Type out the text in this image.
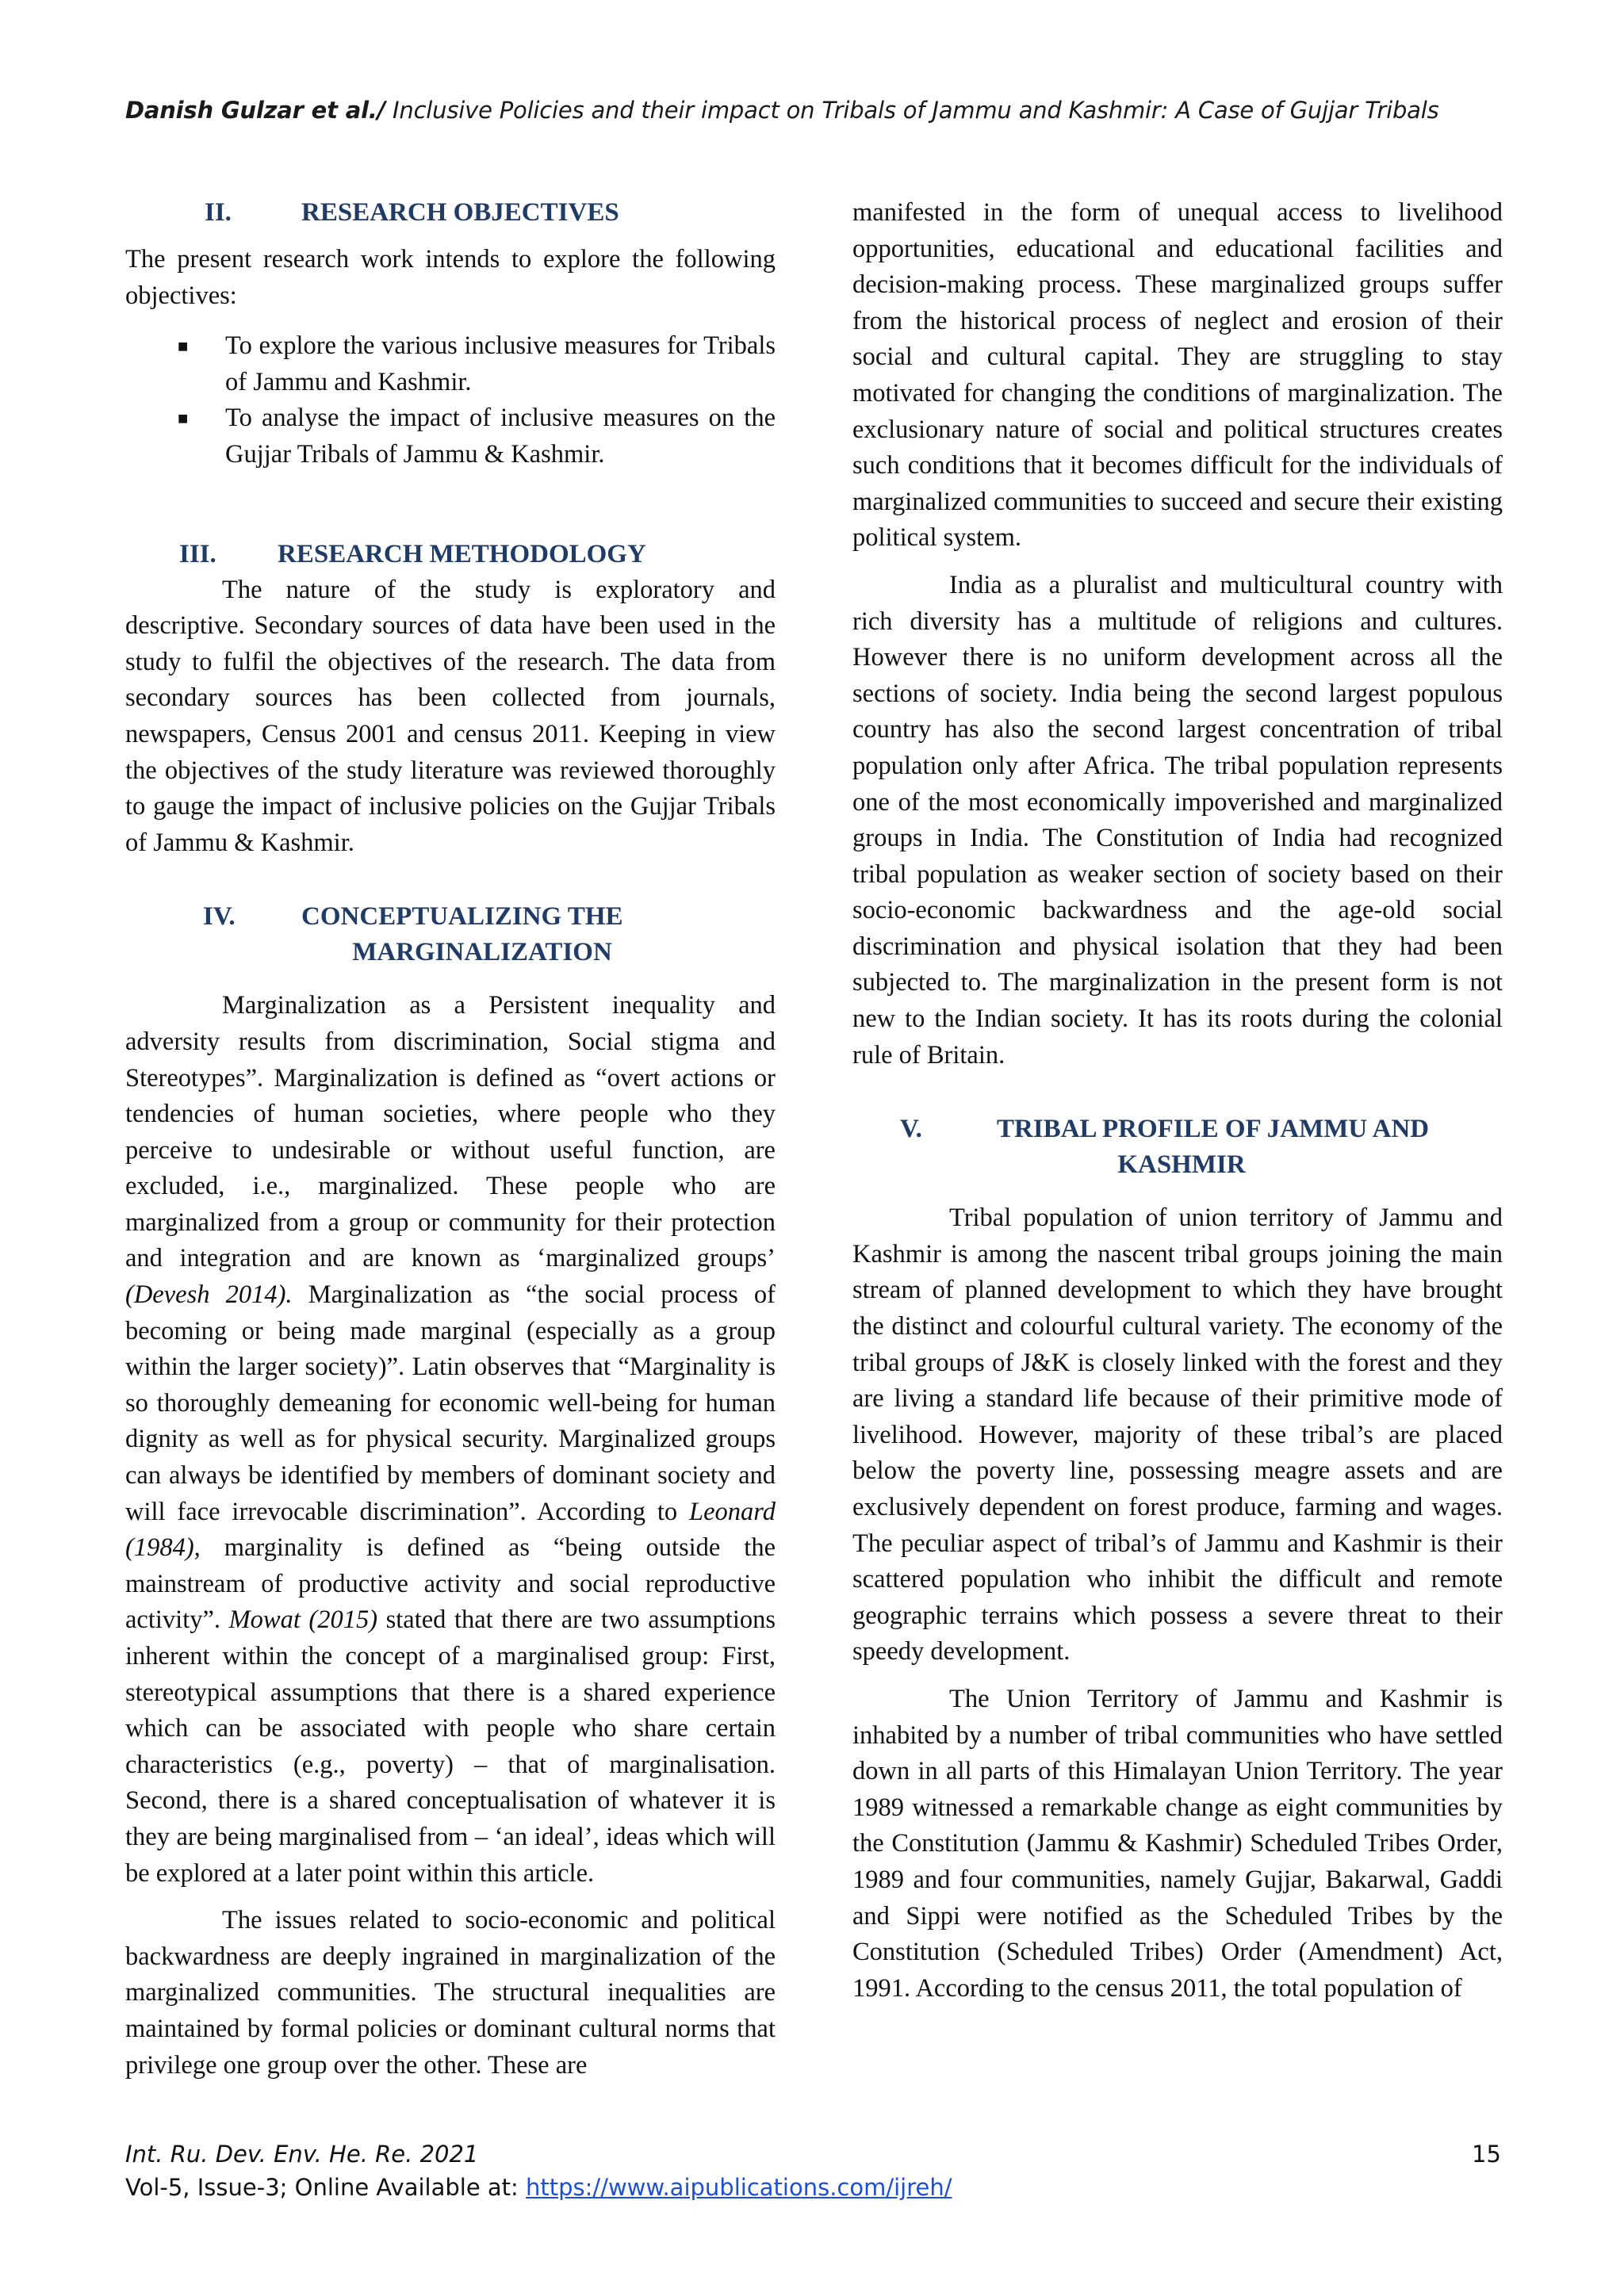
Danish Gulzar et al./ Inclusive Policies and their impact on Tribals of Jammu and Kashmir: A Case of Gujjar Tribals
II.	RESEARCH OBJECTIVES

The present research work intends to explore the following objectives:

■ To explore the various inclusive measures for Tribals of Jammu and Kashmir.
■ To analyse the impact of inclusive measures on the Gujjar Tribals of Jammu & Kashmir.
III. RESEARCH METHODOLOGY

The nature of the study is exploratory and descriptive. Secondary sources of data have been used in the study to fulfil the objectives of the research. The data from secondary sources has been collected from journals, newspapers, Census 2001 and census 2011. Keeping in view the objectives of the study literature was reviewed thoroughly to gauge the impact of inclusive policies on the Gujjar Tribals of Jammu & Kashmir.

IV.	CONCEPTUALIZING THE
MARGINALIZATION

Marginalization as a Persistent inequality and adversity results from discrimination, Social stigma and Stereotypes”. Marginalization is defined as “overt actions or tendencies of human societies, where people who they perceive to undesirable or without useful function, are excluded, i.e., marginalized. These people who are marginalized from a group or community for their protection and integration and are known as ‘marginalized groups’ (Devesh 2014). Marginalization as “the social process of becoming or being made marginal (especially as a group within the larger society)”. Latin observes that “Marginality is so thoroughly demeaning for economic well-being for human dignity as well as for physical security. Marginalized groups can always be identified by members of dominant society and will face irrevocable discrimination”. According to Leonard (1984), marginality is defined as “being outside the mainstream of productive activity and social reproductive activity”. Mowat (2015) stated that there are two assumptions inherent within the concept of a marginalised group: First, stereotypical assumptions that there is a shared experience which can be associated with people who share certain characteristics (e.g., poverty) – that of marginalisation. Second, there is a shared conceptualisation of whatever it is they are being marginalised from – ‘an ideal’, ideas which will be explored at a later point within this article.

The issues related to socio-economic and political backwardness are deeply ingrained in marginalization of the marginalized communities. The structural inequalities are maintained by formal policies or dominant cultural norms that privilege one group over the other. These are

manifested in the form of unequal access to livelihood opportunities, educational and educational facilities and decision-making process. These marginalized groups suffer from the historical process of neglect and erosion of their social and cultural capital. They are struggling to stay motivated for changing the conditions of marginalization. The exclusionary nature of social and political structures creates such conditions that it becomes difficult for the individuals of marginalized communities to succeed and secure their existing political system.

India as a pluralist and multicultural country with rich diversity has a multitude of religions and cultures. However there is no uniform development across all the sections of society. India being the second largest populous country has also the second largest concentration of tribal population only after Africa. The tribal population represents one of the most economically impoverished and marginalized groups in India. The Constitution of India had recognized tribal population as weaker section of society based on their socio-economic backwardness and the age-old social discrimination and physical isolation that they had been subjected to. The marginalization in the present form is not new to the Indian society. It has its roots during the colonial rule of Britain.

V.	TRIBAL PROFILE OF JAMMU AND
KASHMIR

Tribal population of union territory of Jammu and Kashmir is among the nascent tribal groups joining the main stream of planned development to which they have brought the distinct and colourful cultural variety. The economy of the tribal groups of J&K is closely linked with the forest and they are living a standard life because of their primitive mode of livelihood. However, majority of these tribal’s are placed below the poverty line, possessing meagre assets and are exclusively dependent on forest produce, farming and wages. The peculiar aspect of tribal’s of Jammu and Kashmir is their scattered population who inhibit the difficult and remote geographic terrains which possess a severe threat to their speedy development.

The Union Territory of Jammu and Kashmir is inhabited by a number of tribal communities who have settled down in all parts of this Himalayan Union Territory. The year 1989 witnessed a remarkable change as eight communities by the Constitution (Jammu & Kashmir) Scheduled Tribes Order, 1989 and four communities, namely Gujjar, Bakarwal, Gaddi and Sippi were notified as the Scheduled Tribes by the Constitution (Scheduled Tribes) Order (Amendment) Act, 1991. According to the census 2011, the total population of

Int. Ru. Dev. Env. He. Re. 2021
Vol-5, Issue-3; Online Available at: https://www.aipublications.com/ijreh/
15
